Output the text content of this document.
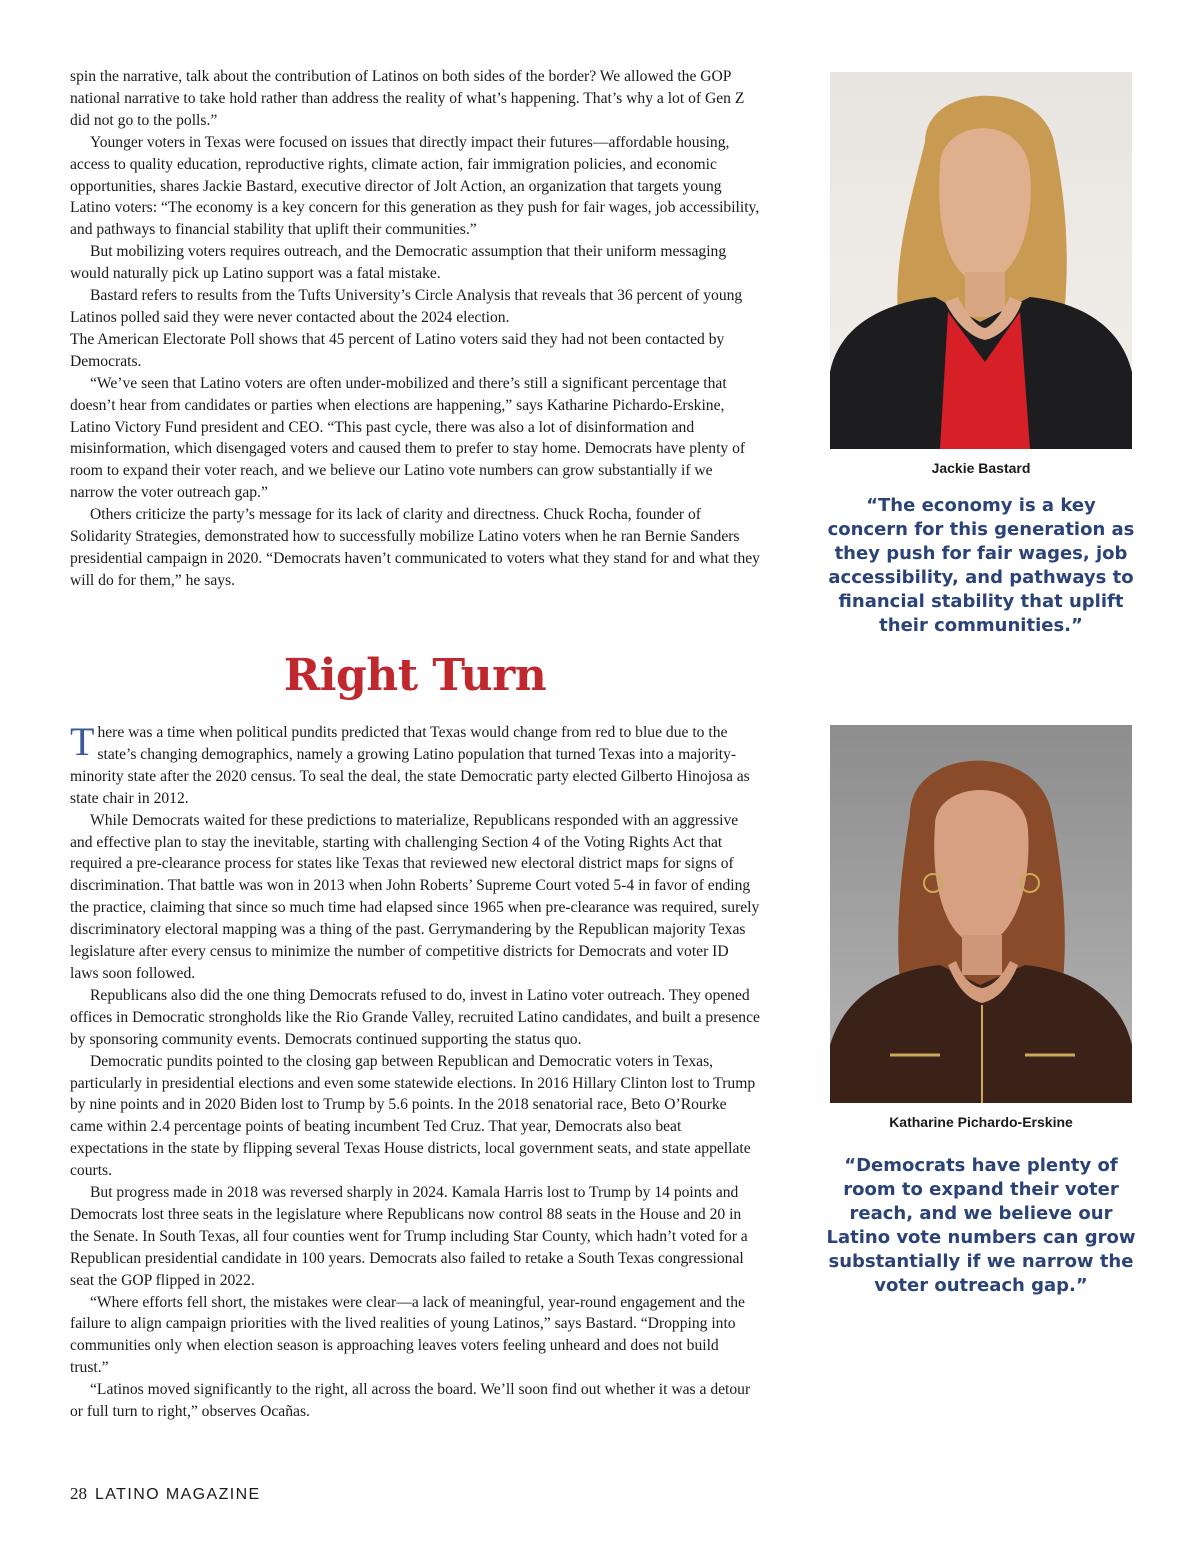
spin the narrative, talk about the contribution of Latinos on both sides of the border? We allowed the GOP national narrative to take hold rather than address the reality of what’s happening. That’s why a lot of Gen Z did not go to the polls.”

Younger voters in Texas were focused on issues that directly impact their futures—affordable housing, access to quality education, reproductive rights, climate action, fair immigration policies, and economic opportunities, shares Jackie Bastard, executive director of Jolt Action, an organization that targets young Latino voters: “The economy is a key concern for this generation as they push for fair wages, job accessibility, and pathways to financial stability that uplift their communities.”

But mobilizing voters requires outreach, and the Democratic assumption that their uniform messaging would naturally pick up Latino support was a fatal mistake.

Bastard refers to results from the Tufts University’s Circle Analysis that reveals that 36 percent of young Latinos polled said they were never contacted about the 2024 election.

The American Electorate Poll shows that 45 percent of Latino voters said they had not been contacted by Democrats.

“We’ve seen that Latino voters are often under-mobilized and there’s still a significant percentage that doesn’t hear from candidates or parties when elections are happening,” says Katharine Pichardo-Erskine, Latino Victory Fund president and CEO. “This past cycle, there was also a lot of disinformation and misinformation, which disengaged voters and caused them to prefer to stay home. Democrats have plenty of room to expand their voter reach, and we believe our Latino vote numbers can grow substantially if we narrow the voter outreach gap.”

Others criticize the party’s message for its lack of clarity and directness. Chuck Rocha, founder of Solidarity Strategies, demonstrated how to successfully mobilize Latino voters when he ran Bernie Sanders presidential campaign in 2020. “Democrats haven’t communicated to voters what they stand for and what they will do for them,” he says.

Right Turn

There was a time when political pundits predicted that Texas would change from red to blue due to the state’s changing demographics, namely a growing Latino population that turned Texas into a majority-minority state after the 2020 census. To seal the deal, the state Democratic party elected Gilberto Hinojosa as state chair in 2012.

While Democrats waited for these predictions to materialize, Republicans responded with an aggressive and effective plan to stay the inevitable, starting with challenging Section 4 of the Voting Rights Act that required a pre-clearance process for states like Texas that reviewed new electoral district maps for signs of discrimination. That battle was won in 2013 when John Roberts’ Supreme Court voted 5-4 in favor of ending the practice, claiming that since so much time had elapsed since 1965 when pre-clearance was required, surely discriminatory electoral mapping was a thing of the past. Gerrymandering by the Republican majority Texas legislature after every census to minimize the number of competitive districts for Democrats and voter ID laws soon followed.

Republicans also did the one thing Democrats refused to do, invest in Latino voter outreach. They opened offices in Democratic strongholds like the Rio Grande Valley, recruited Latino candidates, and built a presence by sponsoring community events. Democrats continued supporting the status quo.

Democratic pundits pointed to the closing gap between Republican and Democratic voters in Texas, particularly in presidential elections and even some statewide elections. In 2016 Hillary Clinton lost to Trump by nine points and in 2020 Biden lost to Trump by 5.6 points. In the 2018 senatorial race, Beto O’Rourke came within 2.4 percentage points of beating incumbent Ted Cruz. That year, Democrats also beat expectations in the state by flipping several Texas House districts, local government seats, and state appellate courts.

But progress made in 2018 was reversed sharply in 2024. Kamala Harris lost to Trump by 14 points and Democrats lost three seats in the legislature where Republicans now control 88 seats in the House and 20 in the Senate. In South Texas, all four counties went for Trump including Star County, which hadn’t voted for a Republican presidential candidate in 100 years. Democrats also failed to retake a South Texas congressional seat the GOP flipped in 2022.

“Where efforts fell short, the mistakes were clear—a lack of meaningful, year-round engagement and the failure to align campaign priorities with the lived realities of young Latinos,” says Bastard. “Dropping into communities only when election season is approaching leaves voters feeling unheard and does not build trust.”

“Latinos moved significantly to the right, all across the board. We’ll soon find out whether it was a detour or full turn to right,” observes Ocañas.

Jackie Bastard
“The economy is a key concern for this generation as they push for fair wages, job accessibility, and pathways to financial stability that uplift their communities.”
Katharine Pichardo-Erskine
“Democrats have plenty of room to expand their voter reach, and we believe our Latino vote numbers can grow substantially if we narrow the voter outreach gap.”
28 LATINO MAGAZINE
